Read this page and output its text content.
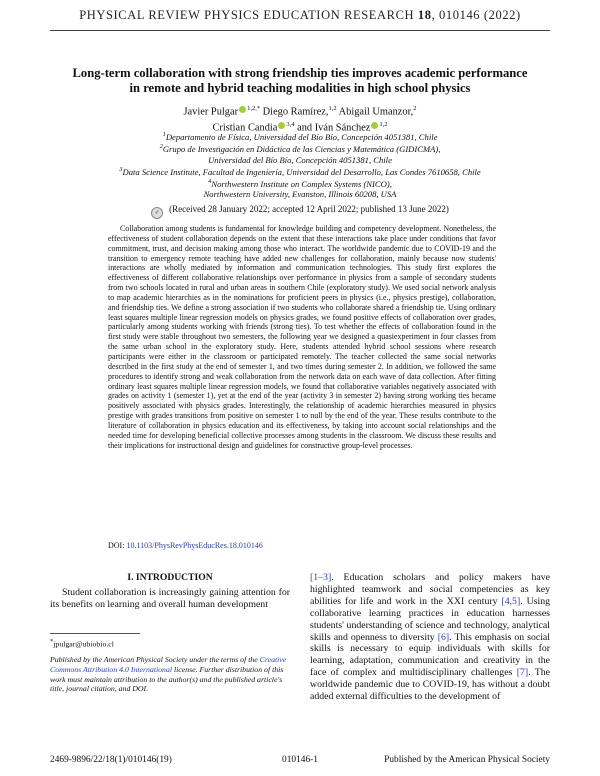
PHYSICAL REVIEW PHYSICS EDUCATION RESEARCH 18, 010146 (2022)
Long-term collaboration with strong friendship ties improves academic performance
in remote and hybrid teaching modalities in high school physics
Javier Pulgar $^{1,2,*}$ Diego Ramírez,$^{1,2}$ Abigail Umanzor,$^2$
Cristian Candia $^{3,4}$ and Iván Sánchez $^{1,2}$
$^1$Departamento de Física, Universidad del Bío Bío, Concepción 4051381, Chile
$^2$Grupo de Investigación en Didáctica de las Ciencias y Matemática (GIDICMA),
Universidad del Bío Bío, Concepción 4051381, Chile
$^3$Data Science Institute, Facultad de Ingeniería, Universidad del Desarrollo, Las Condes 7610658, Chile
$^4$Northwestern Institute on Complex Systems (NICO),
Northwestern University, Evanston, Illinois 60208, USA
✓ (Received 28 January 2022; accepted 12 April 2022; published 13 June 2022)
Collaboration among students is fundamental for knowledge building and competency development. Nonetheless, the effectiveness of student collaboration depends on the extent that these interactions take place under conditions that favor commitment, trust, and decision making among those who interact. The worldwide pandemic due to COVID-19 and the transition to emergency remote teaching have added new challenges for collaboration, mainly because now students' interactions are wholly mediated by information and communication technologies. This study first explores the effectiveness of different collaborative relationships over performance in physics from a sample of secondary students from two schools located in rural and urban areas in southern Chile (exploratory study). We used social network analysis to map academic hierarchies as in the nominations for proficient peers in physics (i.e., physics prestige), collaboration, and friendship ties. We define a strong association if two students who collaborate shared a friendship tie. Using ordinary least squares multiple linear regression models on physics grades, we found positive effects of collaboration over grades, particularly among students working with friends (strong ties). To test whether the effects of collaboration found in the first study were stable throughout two semesters, the following year we designed a quasiexperiment in four classes from the same urban school in the exploratory study. Here, students attended hybrid school sessions where research participants were either in the classroom or participated remotely. The teacher collected the same social networks described in the first study at the end of semester 1, and two times during semester 2. In addition, we followed the same procedures to identify strong and weak collaboration from the network data on each wave of data collection. After fitting ordinary least squares multiple linear regression models, we found that collaborative variables negatively associated with grades on activity 1 (semester 1), yet at the end of the year (activity 3 in semester 2) having strong working ties became positively associated with physics grades. Interestingly, the relationship of academic hierarchies measured in physics prestige with grades transitions from positive on semester 1 to null by the end of the year. These results contribute to the literature of collaboration in physics education and its effectiveness, by taking into account social relationships and the needed time for developing beneficial collective processes among students in the classroom. We discuss these results and their implications for instructional design and guidelines for constructive group-level processes.
DOI: 10.1103/PhysRevPhysEducRes.18.010146
I. INTRODUCTION
Student collaboration is increasingly gaining attention for its benefits on learning and overall human development
[1–3]. Education scholars and policy makers have highlighted teamwork and social competencies as key abilities for life and work in the XXI century [4,5]. Using collaborative learning practices in education harnesses students' understanding of science and technology, analytical skills and openness to diversity [6]. This emphasis on social skills is necessary to equip individuals with skills for learning, adaptation, communication and creativity in the face of complex and multidisciplinary challenges [7]. The worldwide pandemic due to COVID-19, has without a doubt added external difficulties to the development of
*jpulgar@ubiobio.cl
Published by the American Physical Society under the terms of the Creative Commons Attribution 4.0 International license. Further distribution of this work must maintain attribution to the author(s) and the published article's title, journal citation, and DOI.
2469-9896/22/18(1)/010146(19)	010146-1	Published by the American Physical Society
